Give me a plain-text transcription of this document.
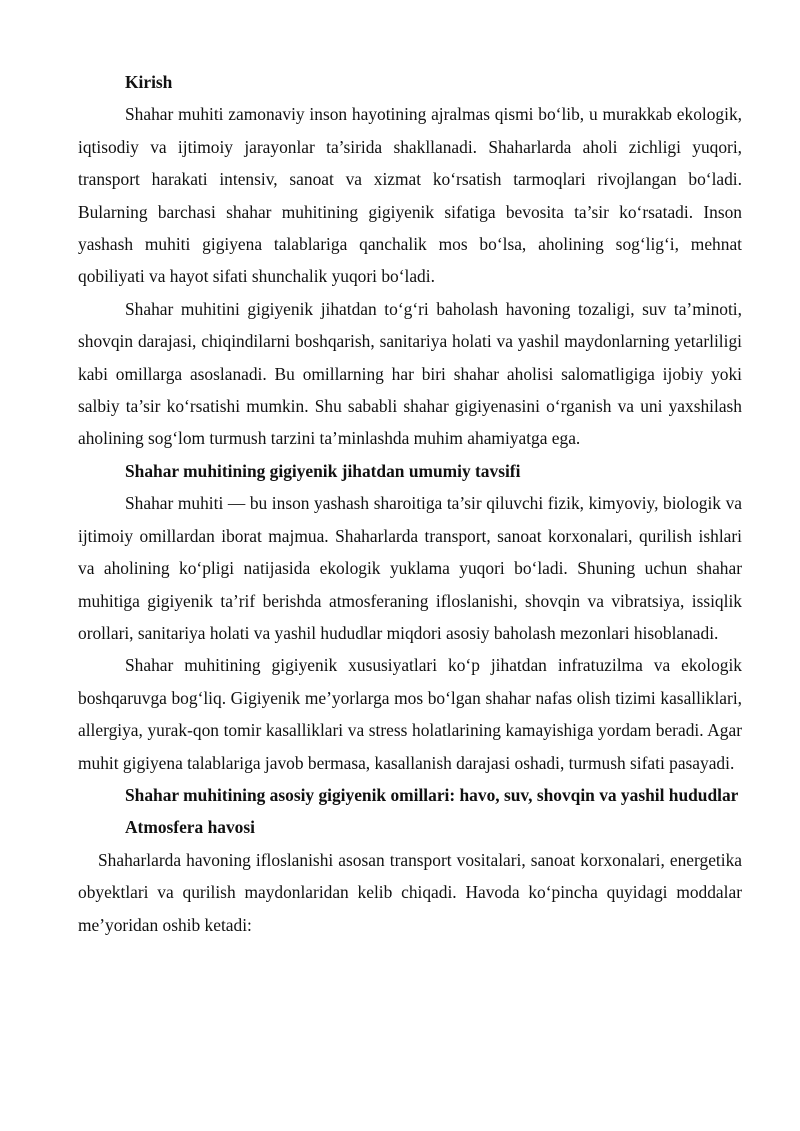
Kirish

Shahar muhiti zamonaviy inson hayotining ajralmas qismi bo‘lib, u murakkab ekologik, iqtisodiy va ijtimoiy jarayonlar ta’sirida shakllanadi. Shaharlarda aholi zichligi yuqori, transport harakati intensiv, sanoat va xizmat ko‘rsatish tarmoqlari rivojlangan bo‘ladi. Bularning barchasi shahar muhitining gigiyenik sifatiga bevosita ta’sir ko‘rsatadi. Inson yashash muhiti gigiyena talablariga qanchalik mos bo‘lsa, aholining sog‘lig‘i, mehnat qobiliyati va hayot sifati shunchalik yuqori bo‘ladi.

Shahar muhitini gigiyenik jihatdan to‘g‘ri baholash havoning tozaligi, suv ta’minoti, shovqin darajasi, chiqindilarni boshqarish, sanitariya holati va yashil maydonlarning yetarliligi kabi omillarga asoslanadi. Bu omillarning har biri shahar aholisi salomatligiga ijobiy yoki salbiy ta’sir ko‘rsatishi mumkin. Shu sababli shahar gigiyenasini o‘rganish va uni yaxshilash aholining sog‘lom turmush tarzini ta’minlashda muhim ahamiyatga ega.

Shahar muhitining gigiyenik jihatdan umumiy tavsifi

Shahar muhiti — bu inson yashash sharoitiga ta’sir qiluvchi fizik, kimyoviy, biologik va ijtimoiy omillardan iborat majmua. Shaharlarda transport, sanoat korxonalari, qurilish ishlari va aholining ko‘pligi natijasida ekologik yuklama yuqori bo‘ladi. Shuning uchun shahar muhitiga gigiyenik ta’rif berishda atmosferaning ifloslanishi, shovqin va vibratsiya, issiqlik orollari, sanitariya holati va yashil hududlar miqdori asosiy baholash mezonlari hisoblanadi.

Shahar muhitining gigiyenik xususiyatlari ko‘p jihatdan infratuzilma va ekologik boshqaruvga bog‘liq. Gigiyenik me’yorlarga mos bo‘lgan shahar nafas olish tizimi kasalliklari, allergiya, yurak-qon tomir kasalliklari va stress holatlarining kamayishiga yordam beradi. Agar muhit gigiyena talablariga javob bermasa, kasallanish darajasi oshadi, turmush sifati pasayadi.

Shahar muhitining asosiy gigiyenik omillari: havo, suv, shovqin va yashil hududlar

Atmosfera havosi

Shaharlarda havoning ifloslanishi asosan transport vositalari, sanoat korxonalari, energetika obyektlari va qurilish maydonlaridan kelib chiqadi. Havoda ko‘pincha quyidagi moddalar me’yoridan oshib ketadi:
